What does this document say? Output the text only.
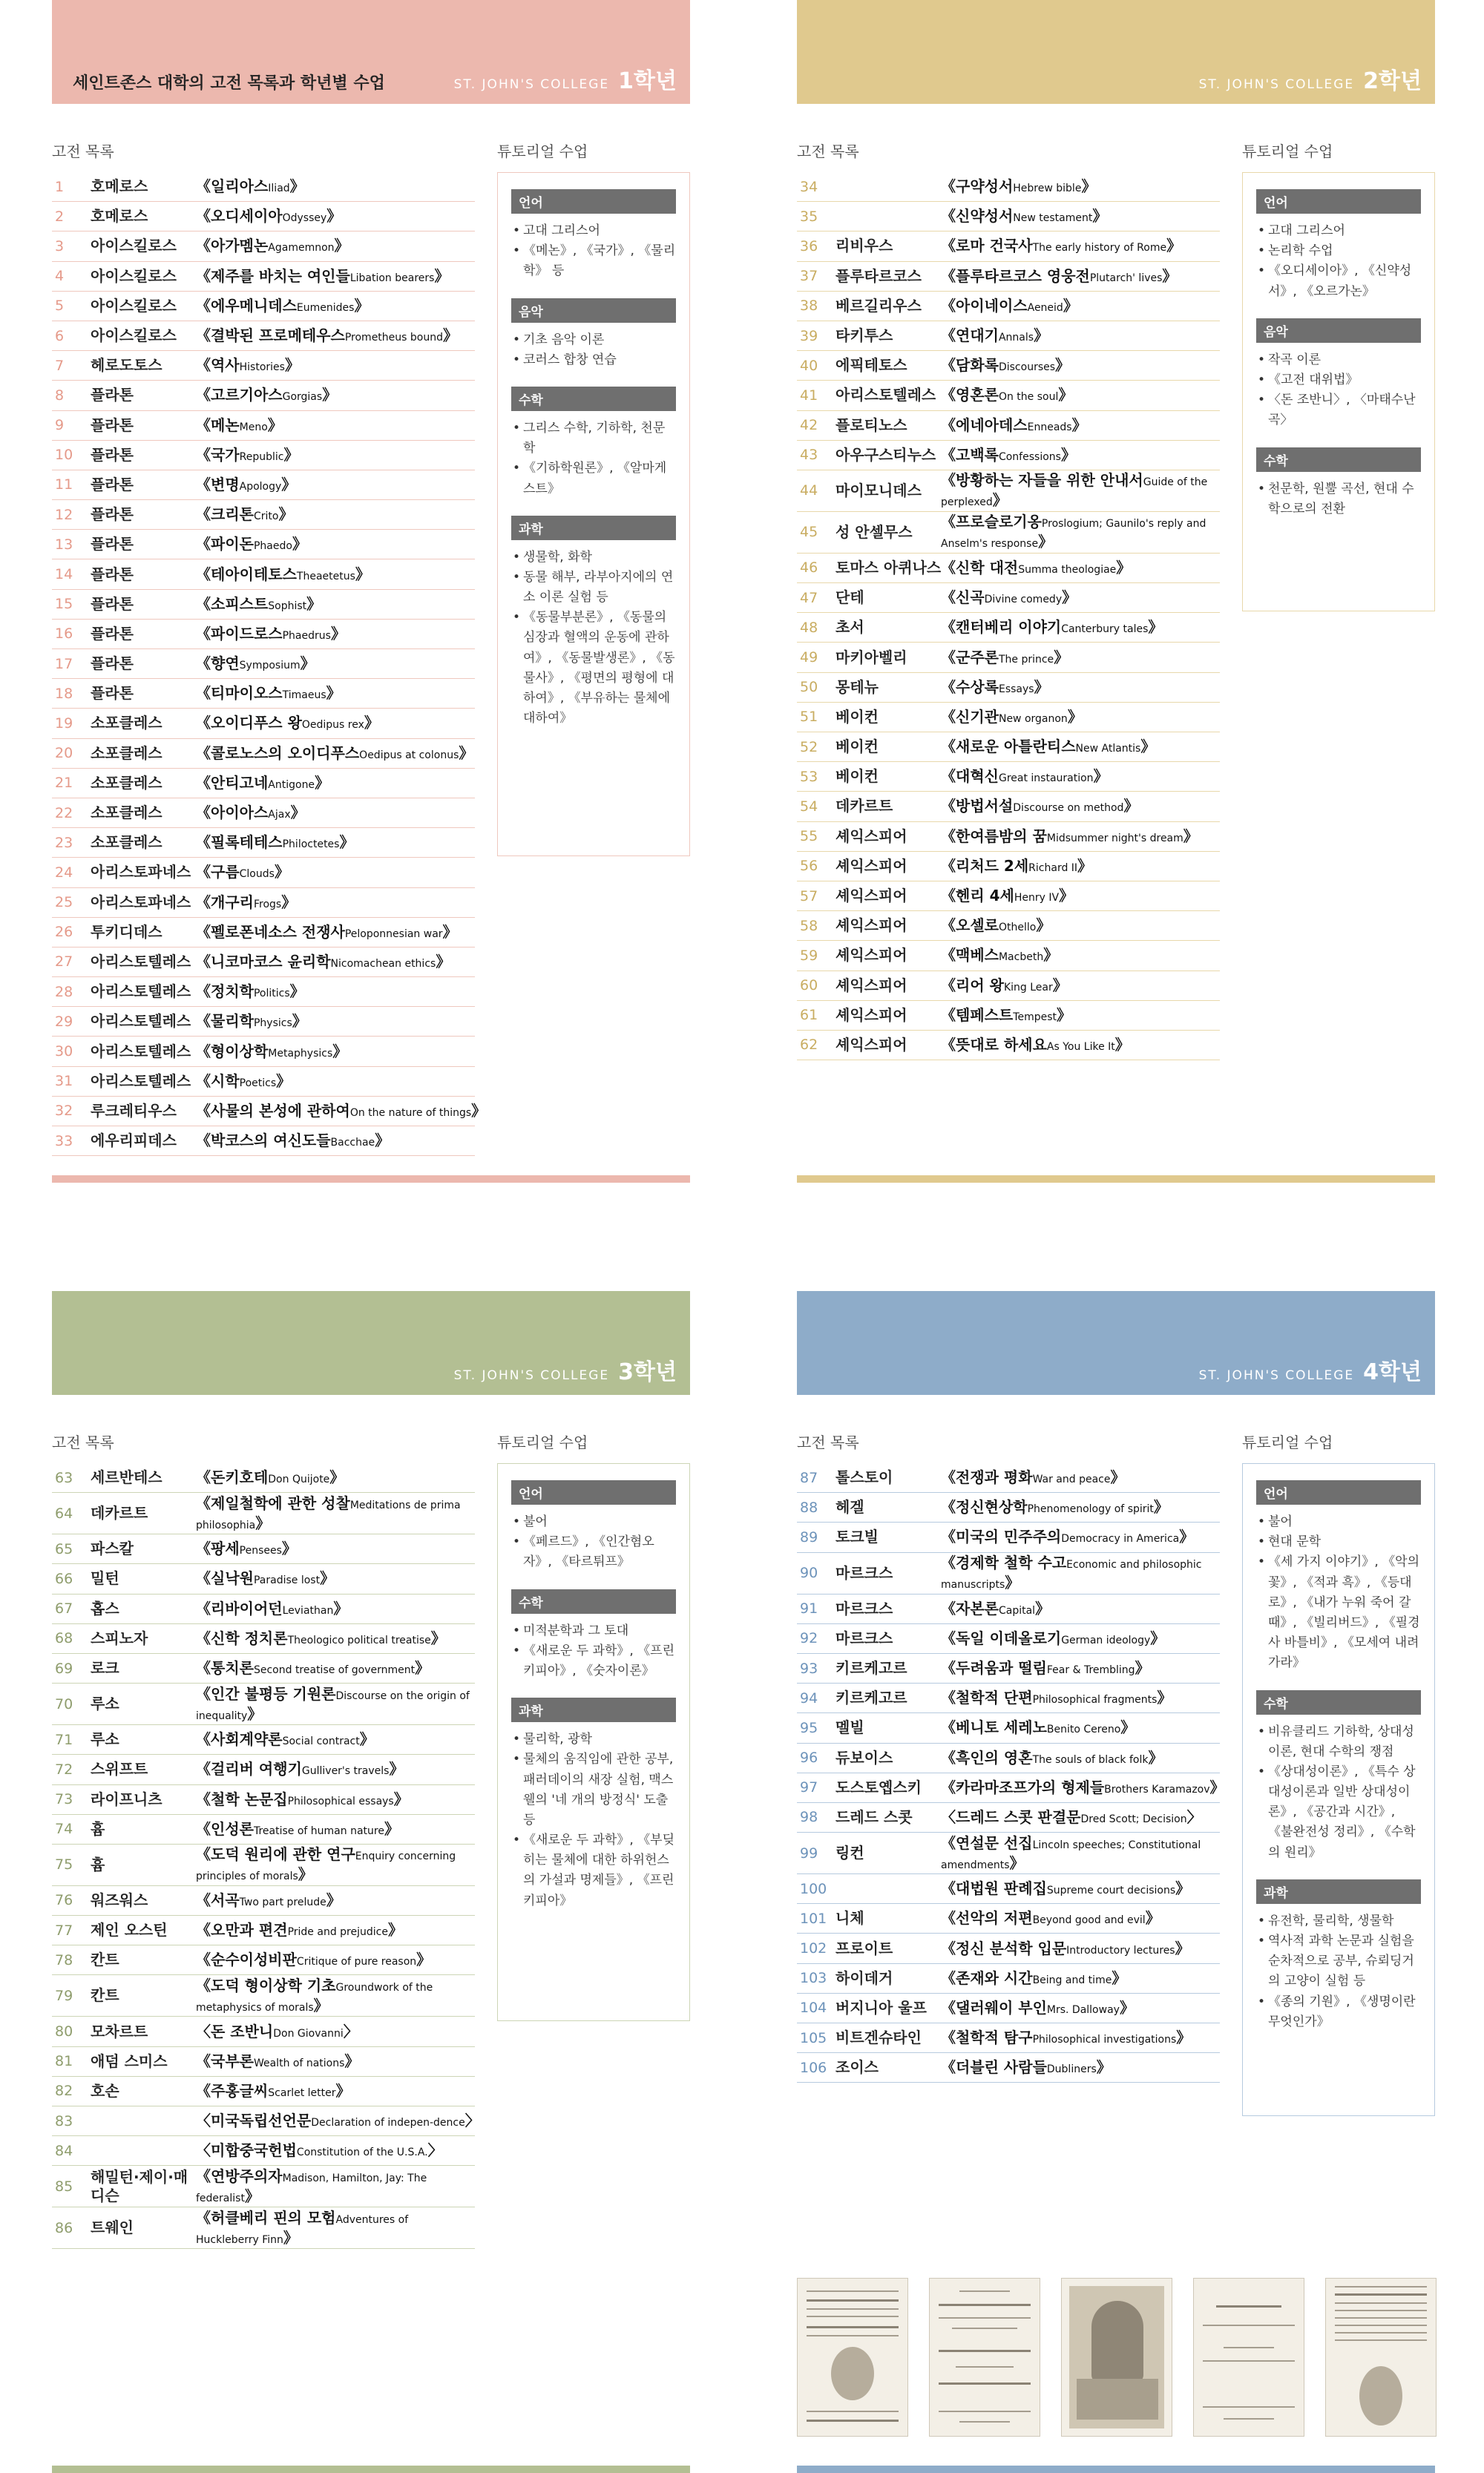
세인트존스 대학의 고전 목록과 학년별 수업	ST. JOHN'S COLLEGE 1학년
고전 목록	튜토리얼 수업
1	호메로스	《일리아스Iliad》
2	호메로스	《오디세이아Odyssey》
3	아이스킬로스	《아가멤논Agamemnon》
4	아이스킬로스	《제주를 바치는 여인들Libation bearers》
5	아이스킬로스	《에우메니데스Eumenides》
6	아이스킬로스	《결박된 프로메테우스Prometheus bound》
7	헤로도토스	《역사Histories》
8	플라톤	《고르기아스Gorgias》
9	플라톤	《메논Meno》
10	플라톤	《국가Republic》
11	플라톤	《변명Apology》
12	플라톤	《크리톤Crito》
13	플라톤	《파이돈Phaedo》
14	플라톤	《테아이테토스Theaetetus》
15	플라톤	《소피스트Sophist》
16	플라톤	《파이드로스Phaedrus》
17	플라톤	《향연Symposium》
18	플라톤	《티마이오스Timaeus》
19	소포클레스	《오이디푸스 왕Oedipus rex》
20	소포클레스	《콜로노스의 오이디푸스Oedipus at colonus》
21	소포클레스	《안티고네Antigone》
22	소포클레스	《아이아스Ajax》
23	소포클레스	《필록테테스Philoctetes》
24	아리스토파네스 《구름Clouds》
25	아리스토파네스 《개구리Frogs》
26	투키디데스	《펠로폰네소스 전쟁사Peloponnesian war》
27	아리스토텔레스 《니코마코스 윤리학Nicomachean ethics》
28	아리스토텔레스 《정치학Politics》
29	아리스토텔레스 《물리학Physics》
30	아리스토텔레스 《형이상학Metaphysics》
31	아리스토텔레스 《시학Poetics》
32	루크레티우스	《사물의 본성에 관하여On the nature of things》
33	에우리피데스	《박코스의 여신도들Bacchae》
언어
• 고대 그리스어
• 《메논》, 《국가》, 《물리학》 등
음악
• 기초 음악 이론
• 코러스 합창 연습
수학
• 그리스 수학, 기하학, 천문학
• 《기하학원론》, 《알마게스트》
과학
• 생물학, 화학
• 동물 해부, 라부아지에의 연소 이론 실험 등
• 《동물부분론》, 《동물의 심장과 혈액의 운동에 관하여》, 《동물발생론》, 《동물사》, 《평면의 평형에 대하여》, 《부유하는 물체에 대하여》
ST. JOHN'S COLLEGE 2학년
고전 목록	튜토리얼 수업
34	《구약성서Hebrew bible》
35	《신약성서New testament》
36	리비우스	《로마 건국사The early history of Rome》
37	플루타르코스	《플루타르코스 영웅전Plutarch' lives》
38	베르길리우스	《아이네이스Aeneid》
39	타키투스	《연대기Annals》
40	에픽테토스	《담화록Discourses》
41	아리스토텔레스 《영혼론On the soul》
42	플로티노스	《에네아데스Enneads》
43	아우구스티누스 《고백록Confessions》
44	마이모니데스
《방황하는 자들을 위한 안내서Guide of the perplexed》
45	성 안셀무스
《프로슬로기옹Proslogium; Gaunilo's reply and Anselm's response》
46	토마스 아퀴나스 《신학 대전Summa theologiae》
47	단테	《신곡Divine comedy》
48	초서	《캔터베리 이야기Canterbury tales》
49	마키아벨리	《군주론The prince》
50	몽테뉴	《수상록Essays》
51	베이컨	《신기관New organon》
52	베이컨	《새로운 아틀란티스New Atlantis》
53	베이컨	《대혁신Great instauration》
54	데카르트	《방법서설Discourse on method》
55	셰익스피어	《한여름밤의 꿈Midsummer night's dream》
56	셰익스피어	《리처드 2세Richard II》
57	셰익스피어	《헨리 4세Henry IV》
58	셰익스피어	《오셀로Othello》
59	셰익스피어	《맥베스Macbeth》
60	셰익스피어	《리어 왕King Lear》
61	셰익스피어	《템페스트Tempest》
62	셰익스피어	《뜻대로 하세요As You Like It》
언어
• 고대 그리스어
• 논리학 수업
• 《오디세이아》, 《신약성서》, 《오르가논》
음악
• 작곡 이론
• 《고전 대위법》
• 〈돈 조반니〉, 〈마태수난곡〉
수학
• 천문학, 원뿔 곡선, 현대 수학으로의 전환
ST. JOHN'S COLLEGE 3학년
고전 목록	튜토리얼 수업
63	세르반테스	《돈키호테Don Quijote》
64	데카르트
《제일철학에 관한 성찰Meditations de prima philosophia》
65	파스칼	《팡세Pensees》
66	밀턴	《실낙원Paradise lost》
67	홉스	《리바이어던Leviathan》
68	스피노자	《신학 정치론Theologico political treatise》
69	로크	《통치론Second treatise of government》
70	루소
《인간 불평등 기원론Discourse on the origin of inequality》
71	루소	《사회계약론Social contract》
72	스위프트	《걸리버 여행기Gulliver's travels》
73	라이프니츠	《철학 논문집Philosophical essays》
74	흄	《인성론Treatise of human nature》
75	흄
《도덕 원리에 관한 연구Enquiry concerning principles of morals》
76	워즈워스	《서곡Two part prelude》
77	제인 오스틴	《오만과 편견Pride and prejudice》
78	칸트	《순수이성비판Critique of pure reason》
79	칸트
《도덕 형이상학 기초Groundwork of the metaphysics of morals》
80	모차르트	〈돈 조반니Don Giovanni〉
81	애덤 스미스	《국부론Wealth of nations》
82	호손	《주홍글씨Scarlet letter》
83	〈미국독립선언문Declaration of indepen-dence〉
84	〈미합중국헌법Constitution of the U.S.A.〉
85
해밀턴·제이·매디슨
《연방주의자Madison, Hamilton, Jay: The federalist》
86	트웨인
《허클베리 핀의 모험Adventures of Huckleberry Finn》
언어
• 불어
• 《페르드》, 《인간혐오자》, 《타르튀프》
수학
• 미적분학과 그 토대
• 《새로운 두 과학》, 《프린키피아》, 《숫자이론》
과학
• 물리학, 광학
• 물체의 움직임에 관한 공부, 패러데이의 새장 실험, 맥스웰의 '네 개의 방정식' 도출 등
• 《새로운 두 과학》, 《부딪히는 물체에 대한 하위헌스의 가설과 명제들》, 《프린키피아》
ST. JOHN'S COLLEGE 4학년
고전 목록	튜토리얼 수업
87	톨스토이	《전쟁과 평화War and peace》
88	헤겔	《정신현상학Phenomenology of spirit》
89	토크빌	《미국의 민주주의Democracy in America》
90	마르크스
《경제학 철학 수고Economic and philosophic manuscripts》
91	마르크스	《자본론Capital》
92	마르크스	《독일 이데올로기German ideology》
93	키르케고르	《두려움과 떨림Fear & Trembling》
94	키르케고르	《철학적 단편Philosophical fragments》
95	멜빌	《베니토 세레노Benito Cereno》
96	듀보이스	《흑인의 영혼The souls of black folk》
97	도스토옙스키	《카라마조프가의 형제들Brothers Karamazov》
98	드레드 스콧	〈드레드 스콧 판결문Dred Scott; Decision〉
99	링컨
《연설문 선집Lincoln speeches; Constitutional amendments》
100	《대법원 판례집Supreme court decisions》
101 니체	《선악의 저편Beyond good and evil》
102 프로이트	《정신 분석학 입문Introductory lectures》
103 하이데거	《존재와 시간Being and time》
104 버지니아 울프 《댈러웨이 부인Mrs. Dalloway》
105 비트겐슈타인	《철학적 탐구Philosophical investigations》
106 조이스	《더블린 사람들Dubliners》
언어
• 불어
• 현대 문학
• 《세 가지 이야기》, 《악의 꽃》, 《적과 흑》, 《등대로》, 《내가 누워 죽어 갈 때》, 《빌리버드》, 《필경사 바틀비》, 《모세여 내려가라》
수학
• 비유클리드 기하학, 상대성이론, 현대 수학의 쟁점
• 《상대성이론》, 《특수 상대성이론과 일반 상대성이론》, 《공간과 시간》, 《불완전성 정리》, 《수학의 원리》
과학
• 유전학, 물리학, 생물학
• 역사적 과학 논문과 실험을 순차적으로 공부, 슈뢰딩거의 고양이 실험 등
• 《종의 기원》, 《생명이란 무엇인가》
